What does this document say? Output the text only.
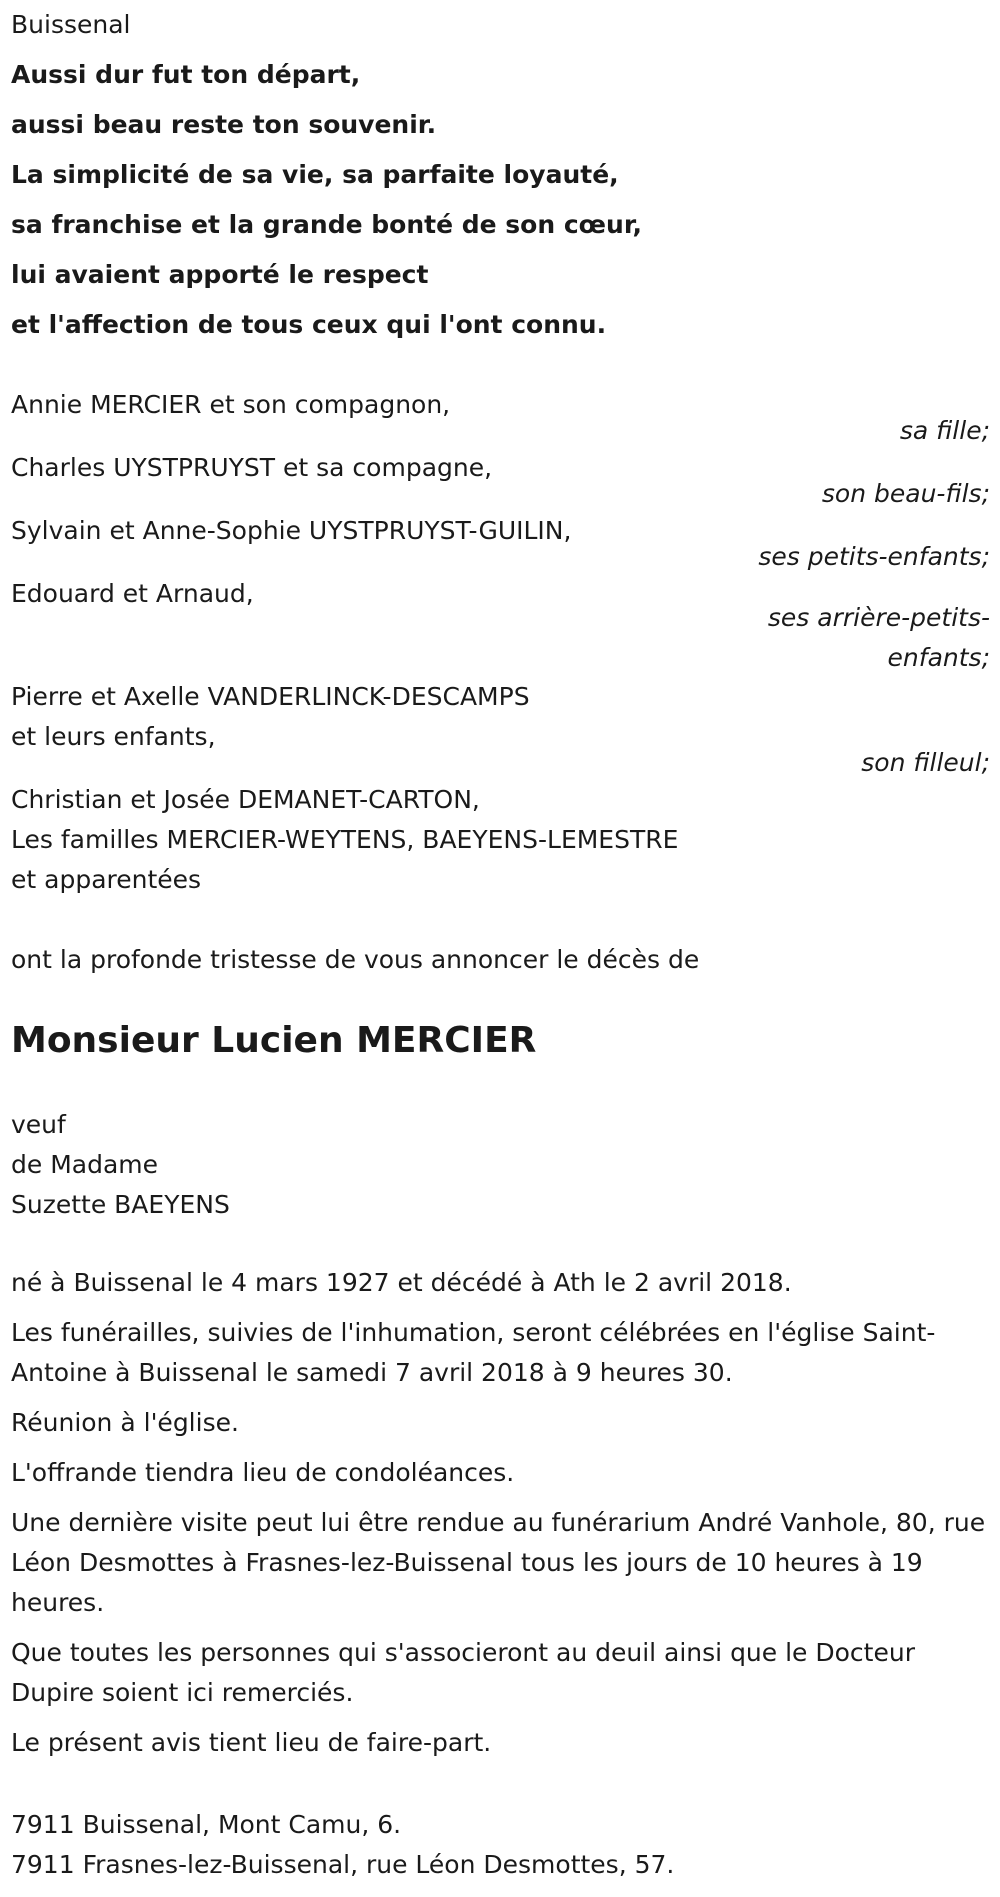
Buissenal

Aussi dur fut ton départ,

aussi beau reste ton souvenir.

La simplicité de sa vie, sa parfaite loyauté,

sa franchise et la grande bonté de son cœur,

lui avaient apporté le respect

et l'affection de tous ceux qui l'ont connu.

Annie MERCIER et son compagnon,

sa fille;

Charles UYSTPRUYST et sa compagne,

son beau-fils;

Sylvain et Anne-Sophie UYSTPRUYST-GUILIN,

ses petits-enfants;

Edouard et Arnaud,

ses arrière-petits-enfants;

Pierre et Axelle VANDERLINCK-DESCAMPS

et leurs enfants,

son filleul;

Christian et Josée DEMANET-CARTON,

Les familles MERCIER-WEYTENS, BAEYENS-LEMESTRE

et apparentées

ont la profonde tristesse de vous annoncer le décès de

Monsieur Lucien MERCIER

veuf

de Madame

Suzette BAEYENS

né à Buissenal le 4 mars 1927 et décédé à Ath le 2 avril 2018.

Les funérailles, suivies de l'inhumation, seront célébrées en l'église Saint-Antoine à Buissenal le samedi 7 avril 2018 à 9 heures 30.

Réunion à l'église.

L'offrande tiendra lieu de condoléances.

Une dernière visite peut lui être rendue au funérarium André Vanhole, 80, rue Léon Desmottes à Frasnes-lez-Buissenal tous les jours de 10 heures à 19 heures.

Que toutes les personnes qui s'associeront au deuil ainsi que le Docteur Dupire soient ici remerciés.

Le présent avis tient lieu de faire-part.

7911 Buissenal, Mont Camu, 6.

7911 Frasnes-lez-Buissenal, rue Léon Desmottes, 57.
